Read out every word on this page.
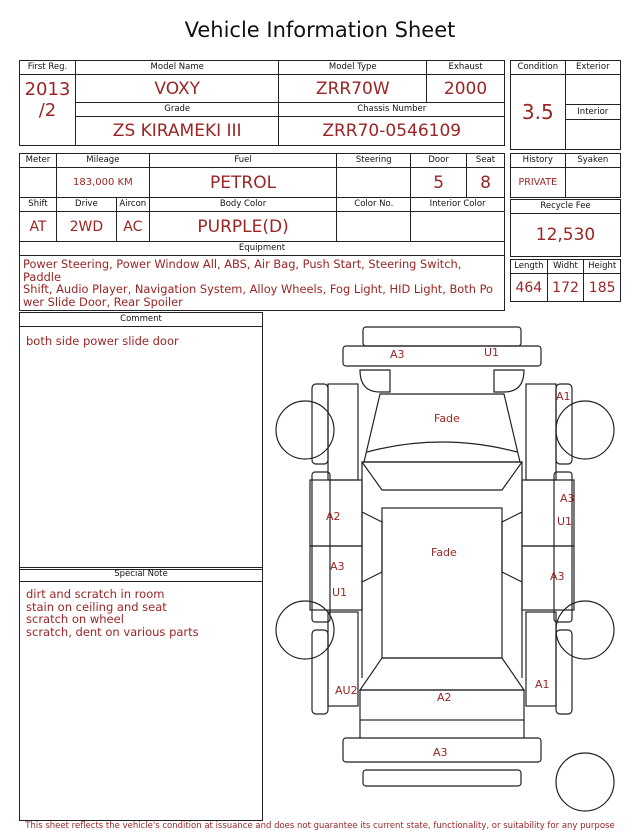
Vehicle Information Sheet
First Reg.	Model Name	Model Type	Exhaust

2013
/2	VOXY	ZRR70W	2000
	Grade	Chassis Number	
	ZS KIRAMEKI III	ZRR70-0546109	
Condition	Exterior
3.5	
	Interior

Meter	Mileage		Fuel	Steering	Door	Seat
	183,000 KM		PETROL		5	8
Shift	Drive	Aircon	Body Color	Color No.	Interior Color	
AT	2WD	AC	PURPLE(D)			
Equipment						

Power Steering, Power Window All, ABS, Air Bag, Push Start, Steering Switch, Paddle
Shift, Audio Player, Navigation System, Alloy Wheels, Fog Light, HID Light, Both Po
wer Slide Door, Rear Spoiler						
History	Syaken
PRIVATE	
Recycle Fee
12,530
Length	Widht	Height
464	172	185
Comment
both side power slide door
Special Note
dirt and scratch in room
stain on ceiling and seat
scratch on wheel
scratch, dent on various parts
A3	U1
A1
Fade
A2
A3
U1
Fade
A3
U1
A3
AU2
A2
A1
A3
This sheet reflects the vehicle's condition at issuance and does not guarantee its current state, functionality, or suitability for any purpose
